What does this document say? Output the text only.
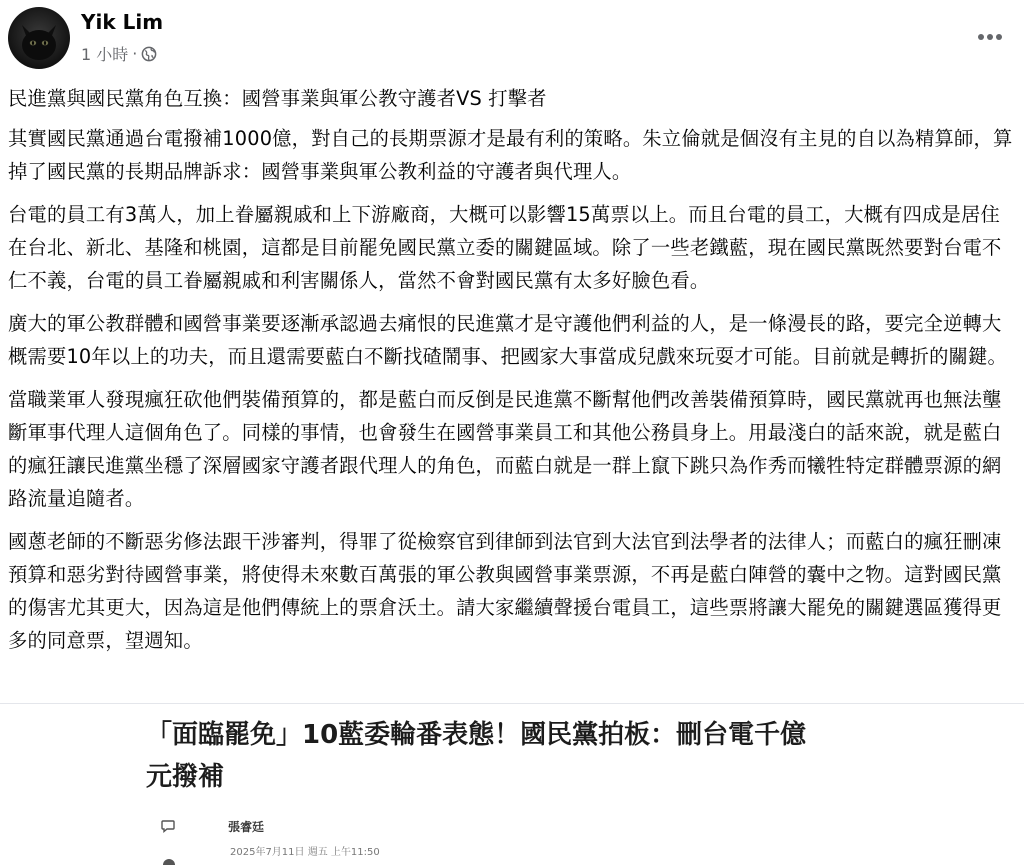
Yik Lim
1 小時 ·

民進黨與國民黨角色互換：國營事業與軍公教守護者VS 打擊者

其實國民黨通過台電撥補1000億，對自己的長期票源才是最有利的策略。朱立倫就是個沒有主見的自以為精算師，算掉了國民黨的長期品牌訴求：國營事業與軍公教利益的守護者與代理人。

台電的員工有3萬人，加上眷屬親戚和上下游廠商，大概可以影響15萬票以上。而且台電的員工，大概有四成是居住在台北、新北、基隆和桃園，這都是目前罷免國民黨立委的關鍵區域。除了一些老鐵藍，現在國民黨既然要對台電不仁不義，台電的員工眷屬親戚和利害關係人，當然不會對國民黨有太多好臉色看。

廣大的軍公教群體和國營事業要逐漸承認過去痛恨的民進黨才是守護他們利益的人，是一條漫長的路，要完全逆轉大概需要10年以上的功夫，而且還需要藍白不斷找碴鬧事、把國家大事當成兒戲來玩耍才可能。目前就是轉折的關鍵。

當職業軍人發現瘋狂砍他們裝備預算的，都是藍白而反倒是民進黨不斷幫他們改善裝備預算時，國民黨就再也無法壟斷軍事代理人這個角色了。同樣的事情，也會發生在國營事業員工和其他公務員身上。用最淺白的話來說，就是藍白的瘋狂讓民進黨坐穩了深層國家守護者跟代理人的角色，而藍白就是一群上竄下跳只為作秀而犧牲特定群體票源的網路流量追隨者。

國蔥老師的不斷惡劣修法跟干涉審判，得罪了從檢察官到律師到法官到大法官到法學者的法律人；而藍白的瘋狂刪凍預算和惡劣對待國營事業，將使得未來數百萬張的軍公教與國營事業票源，不再是藍白陣營的囊中之物。這對國民黨的傷害尤其更大，因為這是他們傳統上的票倉沃土。請大家繼續聲援台電員工，這些票將讓大罷免的關鍵選區獲得更多的同意票，望週知。

「面臨罷免」10藍委輪番表態！國民黨拍板：刪台電千億
元撥補
張睿廷
2025年7月11日 週五 上午11:50
